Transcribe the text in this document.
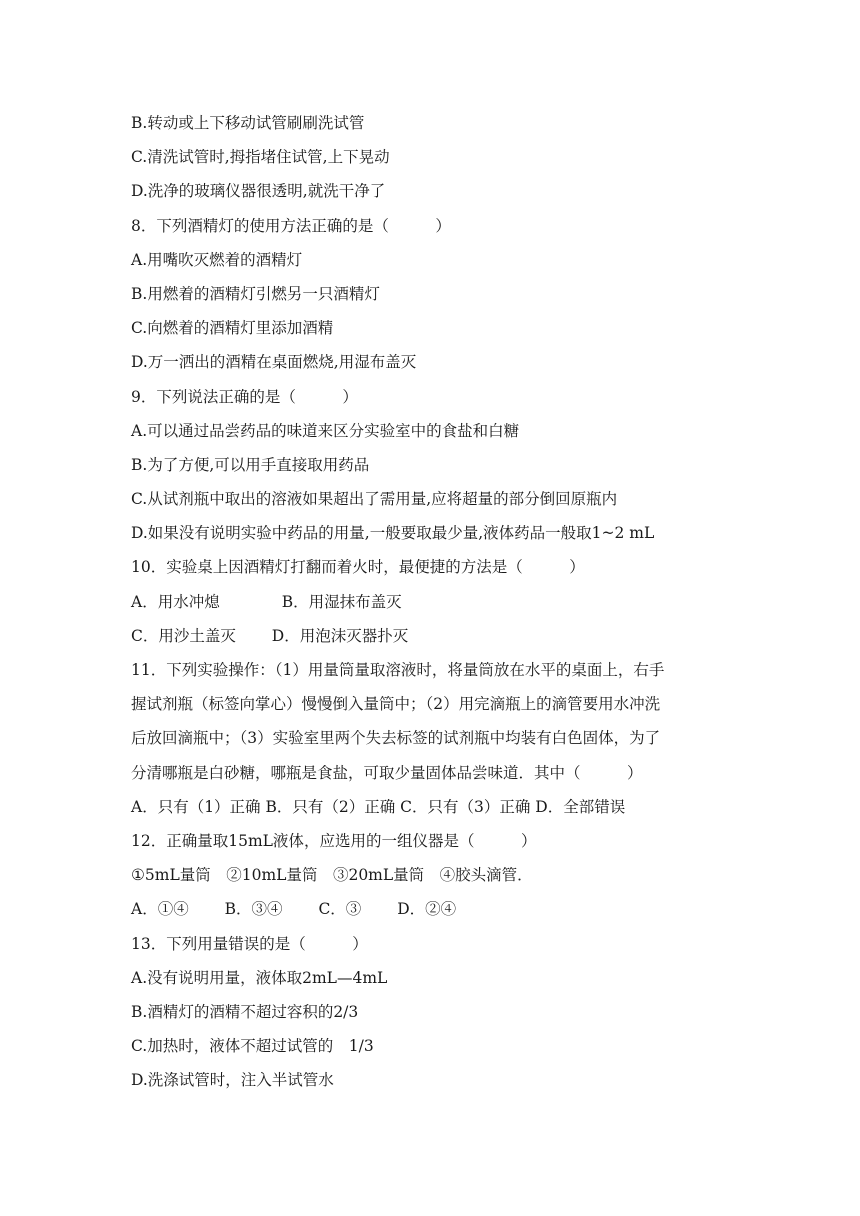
B.转动或上下移动试管刷刷洗试管

C.清洗试管时,拇指堵住试管,上下晃动

D.洗净的玻璃仪器很透明,就洗干净了

8．下列酒精灯的使用方法正确的是（　　　）

A.用嘴吹灭燃着的酒精灯

B.用燃着的酒精灯引燃另一只酒精灯

C.向燃着的酒精灯里添加酒精

D.万一洒出的酒精在桌面燃烧,用湿布盖灭

9．下列说法正确的是（　　　）

A.可以通过品尝药品的味道来区分实验室中的食盐和白糖

B.为了方便,可以用手直接取用药品

C.从试剂瓶中取出的溶液如果超出了需用量,应将超量的部分倒回原瓶内

D.如果没有说明实验中药品的用量,一般要取最少量,液体药品一般取1~2 mL

10．实验桌上因酒精灯打翻而着火时，最便捷的方法是（　　　）

A．用水冲熄　　　　B．用湿抹布盖灭

C．用沙土盖灭　　 D．用泡沫灭器扑灭

11．下列实验操作：（1）用量筒量取溶液时，将量筒放在水平的桌面上，右手

握试剂瓶（标签向掌心）慢慢倒入量筒中；（2）用完滴瓶上的滴管要用水冲洗

后放回滴瓶中；（3）实验室里两个失去标签的试剂瓶中均装有白色固体，为了

分清哪瓶是白砂糖，哪瓶是食盐，可取少量固体品尝味道．其中（　　　）

A．只有（1）正确 B．只有（2）正确 C．只有（3）正确 D．全部错误

12．正确量取15mL液体，应选用的一组仪器是（　　　）

①5mL量筒　②10mL量筒　③20mL量筒　④胶头滴管．

A．①④　　 B．③④　　 C．③　　 D．②④

13．下列用量错误的是（　　　）

A.没有说明用量，液体取2mL—4mL

B.酒精灯的酒精不超过容积的2/3

C.加热时，液体不超过试管的　1/3

D.洗涤试管时，注入半试管水
